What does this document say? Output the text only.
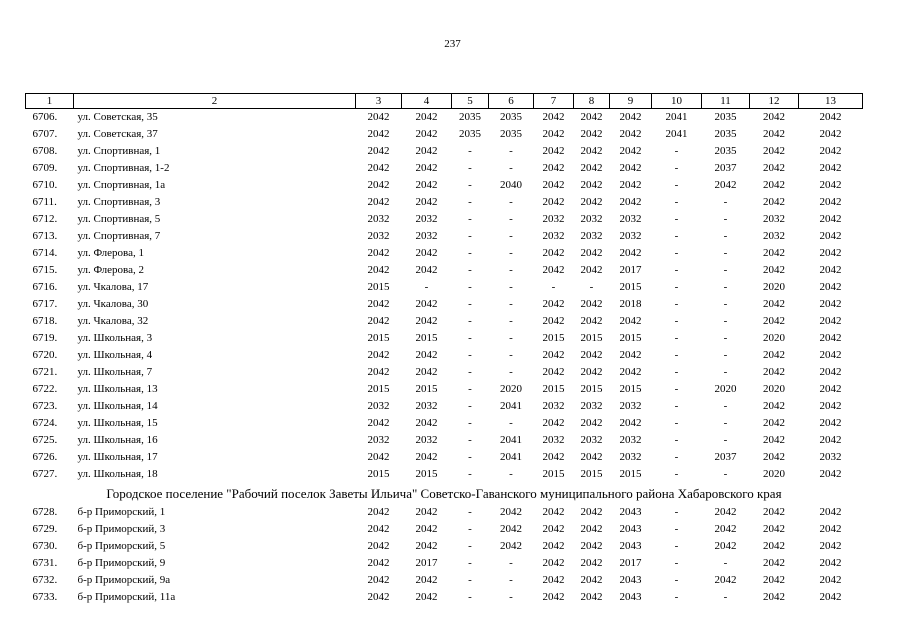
237
1	2	3	4	5	6	7	8	9	10	11	12	13
6706.	ул. Советская, 35	2042	2042	2035	2035	2042	2042	2042	2041	2035	2042	2042
6707.	ул. Советская, 37	2042	2042	2035	2035	2042	2042	2042	2041	2035	2042	2042
6708.	ул. Спортивная, 1	2042	2042	-	-	2042	2042	2042	-	2035	2042	2042
6709.	ул. Спортивная, 1-2	2042	2042	-	-	2042	2042	2042	-	2037	2042	2042
6710.	ул. Спортивная, 1а	2042	2042	-	2040	2042	2042	2042	-	2042	2042	2042
6711.	ул. Спортивная, 3	2042	2042	-	-	2042	2042	2042	-	-	2042	2042
6712.	ул. Спортивная, 5	2032	2032	-	-	2032	2032	2032	-	-	2032	2042
6713.	ул. Спортивная, 7	2032	2032	-	-	2032	2032	2032	-	-	2032	2042
6714.	ул. Флерова, 1	2042	2042	-	-	2042	2042	2042	-	-	2042	2042
6715.	ул. Флерова, 2	2042	2042	-	-	2042	2042	2017	-	-	2042	2042
6716.	ул. Чкалова, 17	2015	-	-	-	-	-	2015	-	-	2020	2042
6717.	ул. Чкалова, 30	2042	2042	-	-	2042	2042	2018	-	-	2042	2042
6718.	ул. Чкалова, 32	2042	2042	-	-	2042	2042	2042	-	-	2042	2042
6719.	ул. Школьная, 3	2015	2015	-	-	2015	2015	2015	-	-	2020	2042
6720.	ул. Школьная, 4	2042	2042	-	-	2042	2042	2042	-	-	2042	2042
6721.	ул. Школьная, 7	2042	2042	-	-	2042	2042	2042	-	-	2042	2042
6722.	ул. Школьная, 13	2015	2015	-	2020	2015	2015	2015	-	2020	2020	2042
6723.	ул. Школьная, 14	2032	2032	-	2041	2032	2032	2032	-	-	2042	2042
6724.	ул. Школьная, 15	2042	2042	-	-	2042	2042	2042	-	-	2042	2042
6725.	ул. Школьная, 16	2032	2032	-	2041	2032	2032	2032	-	-	2042	2042
6726.	ул. Школьная, 17	2042	2042	-	2041	2042	2042	2032	-	2037	2042	2032
6727.	ул. Школьная, 18	2015	2015	-	-	2015	2015	2015	-	-	2020	2042
Городское поселение "Рабочий поселок Заветы Ильича" Советско-Гаванского муниципального района Хабаровского края												
6728.	б-р Приморский, 1	2042	2042	-	2042	2042	2042	2043	-	2042	2042	2042
6729.	б-р Приморский, 3	2042	2042	-	2042	2042	2042	2043	-	2042	2042	2042
6730.	б-р Приморский, 5	2042	2042	-	2042	2042	2042	2043	-	2042	2042	2042
6731.	б-р Приморский, 9	2042	2017	-	-	2042	2042	2017	-	-	2042	2042
6732.	б-р Приморский, 9а	2042	2042	-	-	2042	2042	2043	-	2042	2042	2042
6733.	б-р Приморский, 11а	2042	2042	-	-	2042	2042	2043	-	-	2042	2042
